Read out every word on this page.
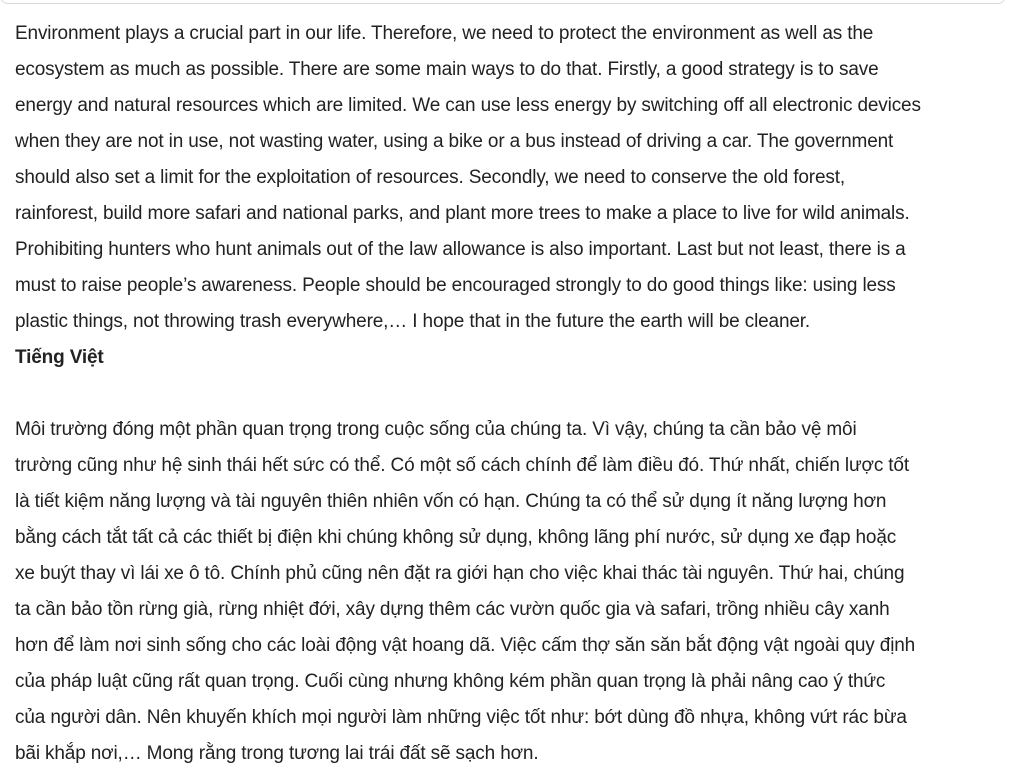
Environment plays a crucial part in our life. Therefore, we need to protect the environment as well as the
ecosystem as much as possible. There are some main ways to do that. Firstly, a good strategy is to save
energy and natural resources which are limited. We can use less energy by switching off all electronic devices
when they are not in use, not wasting water, using a bike or a bus instead of driving a car. The government
should also set a limit for the exploitation of resources. Secondly, we need to conserve the old forest,
rainforest, build more safari and national parks, and plant more trees to make a place to live for wild animals.
Prohibiting hunters who hunt animals out of the law allowance is also important. Last but not least, there is a
must to raise people’s awareness. People should be encouraged strongly to do good things like: using less
plastic things, not throwing trash everywhere,… I hope that in the future the earth will be cleaner.

Tiếng Việt

Môi trường đóng một phần quan trọng trong cuộc sống của chúng ta. Vì vậy, chúng ta cần bảo vệ môi
trường cũng như hệ sinh thái hết sức có thể. Có một số cách chính để làm điều đó. Thứ nhất, chiến lược tốt
là tiết kiệm năng lượng và tài nguyên thiên nhiên vốn có hạn. Chúng ta có thể sử dụng ít năng lượng hơn
bằng cách tắt tất cả các thiết bị điện khi chúng không sử dụng, không lãng phí nước, sử dụng xe đạp hoặc
xe buýt thay vì lái xe ô tô. Chính phủ cũng nên đặt ra giới hạn cho việc khai thác tài nguyên. Thứ hai, chúng
ta cần bảo tồn rừng già, rừng nhiệt đới, xây dựng thêm các vườn quốc gia và safari, trồng nhiều cây xanh
hơn để làm nơi sinh sống cho các loài động vật hoang dã. Việc cấm thợ săn săn bắt động vật ngoài quy định
của pháp luật cũng rất quan trọng. Cuối cùng nhưng không kém phần quan trọng là phải nâng cao ý thức
của người dân. Nên khuyến khích mọi người làm những việc tốt như: bớt dùng đồ nhựa, không vứt rác bừa
bãi khắp nơi,… Mong rằng trong tương lai trái đất sẽ sạch hơn.
